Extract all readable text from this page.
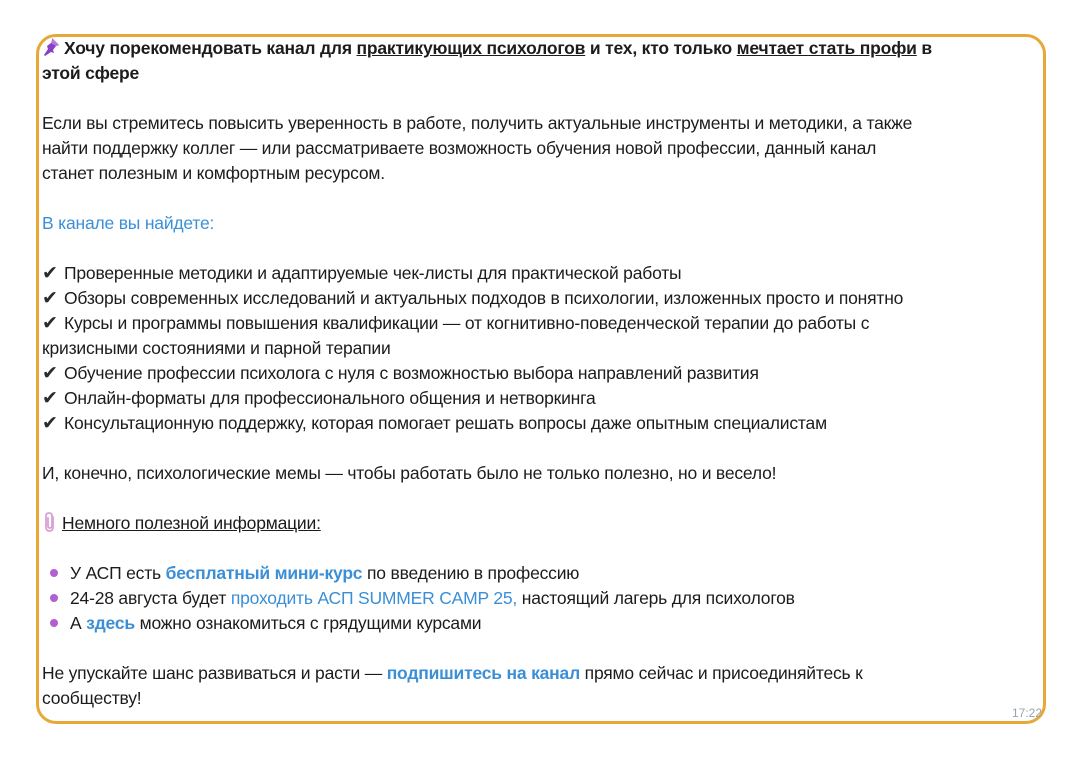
Хочу порекомендовать канал для практикующих психологов и тех, кто только мечтает стать профи в
этой сфере
Если вы стремитесь повысить уверенность в работе, получить актуальные инструменты и методики, а также
найти поддержку коллег — или рассматриваете возможность обучения новой профессии, данный канал
станет полезным и комфортным ресурсом.
В канале вы найдете:
✔ Проверенные методики и адаптируемые чек-листы для практической работы
✔ Обзоры современных исследований и актуальных подходов в психологии, изложенных просто и понятно
✔ Курсы и программы повышения квалификации — от когнитивно-поведенческой терапии до работы с
кризисными состояниями и парной терапии
✔ Обучение профессии психолога с нуля с возможностью выбора направлений развития
✔ Онлайн-форматы для профессионального общения и нетворкинга
✔ Консультационную поддержку, которая помогает решать вопросы даже опытным специалистам
И, конечно, психологические мемы — чтобы работать было не только полезно, но и весело!
Немного полезной информации:
У АСП есть бесплатный мини-курс по введению в профессию
24-28 августа будет проходить АСП SUMMER CAMP 25, настоящий лагерь для психологов
А здесь можно ознакомиться с грядущими курсами
Не упускайте шанс развиваться и расти — подпишитесь на канал прямо сейчас и присоединяйтесь к
сообществу!
17:22
